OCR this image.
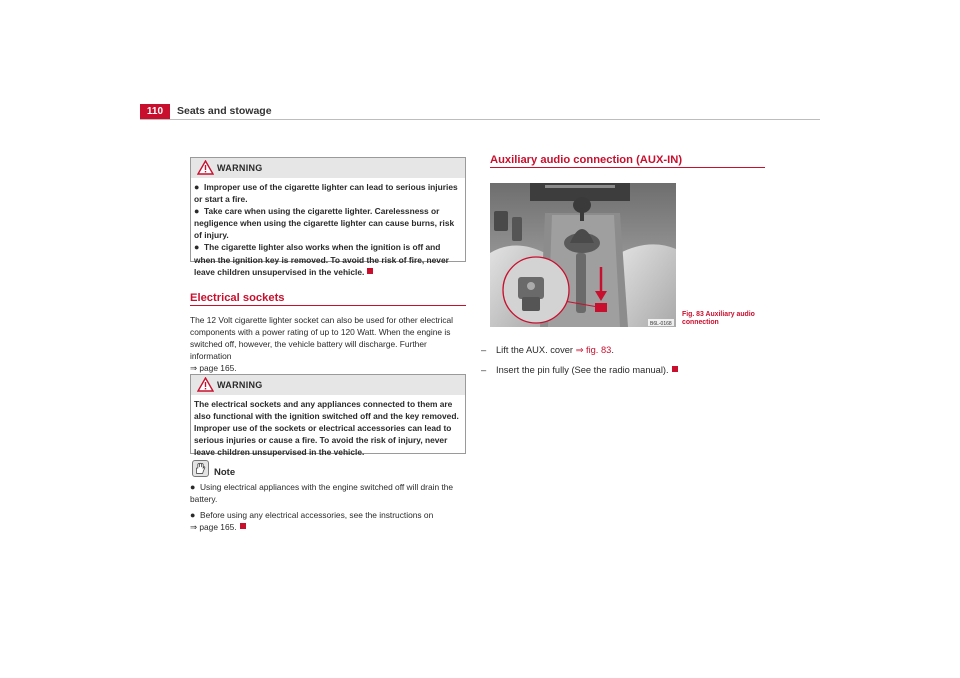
110	Seats and stowage
WARNING
● Improper use of the cigarette lighter can lead to serious injuries or start a fire.
● Take care when using the cigarette lighter. Carelessness or negligence when using the cigarette lighter can cause burns, risk of injury.
● The cigarette lighter also works when the ignition is off and when the ignition key is removed. To avoid the risk of fire, never leave children unsupervised in the vehicle.
Electrical sockets
The 12 Volt cigarette lighter socket can also be used for other electrical components with a power rating of up to 120 Watt. When the engine is switched off, however, the vehicle battery will discharge. Further information
⇒ page 165.
WARNING
The electrical sockets and any appliances connected to them are also functional with the ignition switched off and the key removed. Improper use of the sockets or electrical accessories can lead to serious injuries or cause a fire. To avoid the risk of injury, never leave children unsupervised in the vehicle.
Note
● Using electrical appliances with the engine switched off will drain the battery.
● Before using any electrical accessories, see the instructions on
⇒ page 165.
Auxiliary audio connection (AUX-IN)
B6L-0168
Fig. 83 Auxiliary audio
connection
– Lift the AUX. cover ⇒ fig. 83.
– Insert the pin fully (See the radio manual).
